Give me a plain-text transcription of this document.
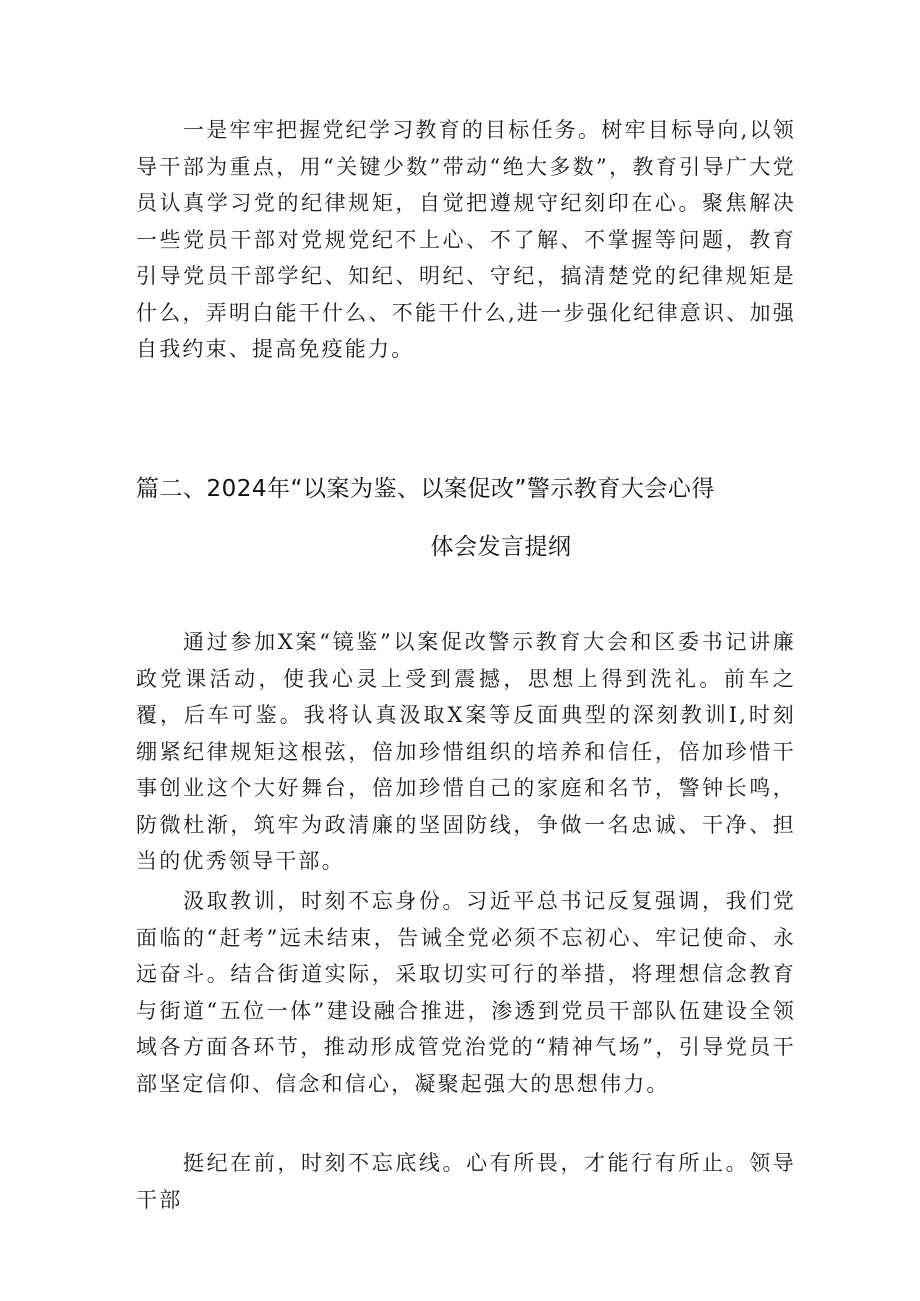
一是牢牢把握党纪学习教育的目标任务。树牢目标导向,以领导干部为重点，用“关键少数”带动“绝大多数”，教育引导广大党员认真学习党的纪律规矩，自觉把遵规守纪刻印在心。聚焦解决一些党员干部对党规党纪不上心、不了解、不掌握等问题，教育引导党员干部学纪、知纪、明纪、守纪，搞清楚党的纪律规矩是什么，弄明白能干什么、不能干什么,进一步强化纪律意识、加强自我约束、提高免疫能力。

篇二、2024年“以案为鉴、以案促改”警示教育大会心得
体会发言提纲

通过参加X案“镜鉴”以案促改警示教育大会和区委书记讲廉政党课活动，使我心灵上受到震撼，思想上得到洗礼。前车之覆，后车可鉴。我将认真汲取X案等反面典型的深刻教训I,时刻绷紧纪律规矩这根弦，倍加珍惜组织的培养和信任，倍加珍惜干事创业这个大好舞台，倍加珍惜自己的家庭和名节，警钟长鸣，防微杜渐，筑牢为政清廉的坚固防线，争做一名忠诚、干净、担当的优秀领导干部。

汲取教训，时刻不忘身份。习近平总书记反复强调，我们党面临的“赶考”远未结束，告诫全党必须不忘初心、牢记使命、永远奋斗。结合街道实际，采取切实可行的举措，将理想信念教育与街道“五位一体”建设融合推进，渗透到党员干部队伍建设全领域各方面各环节，推动形成管党治党的“精神气场”，引导党员干部坚定信仰、信念和信心，凝聚起强大的思想伟力。

挺纪在前，时刻不忘底线。心有所畏，才能行有所止。领导干部
